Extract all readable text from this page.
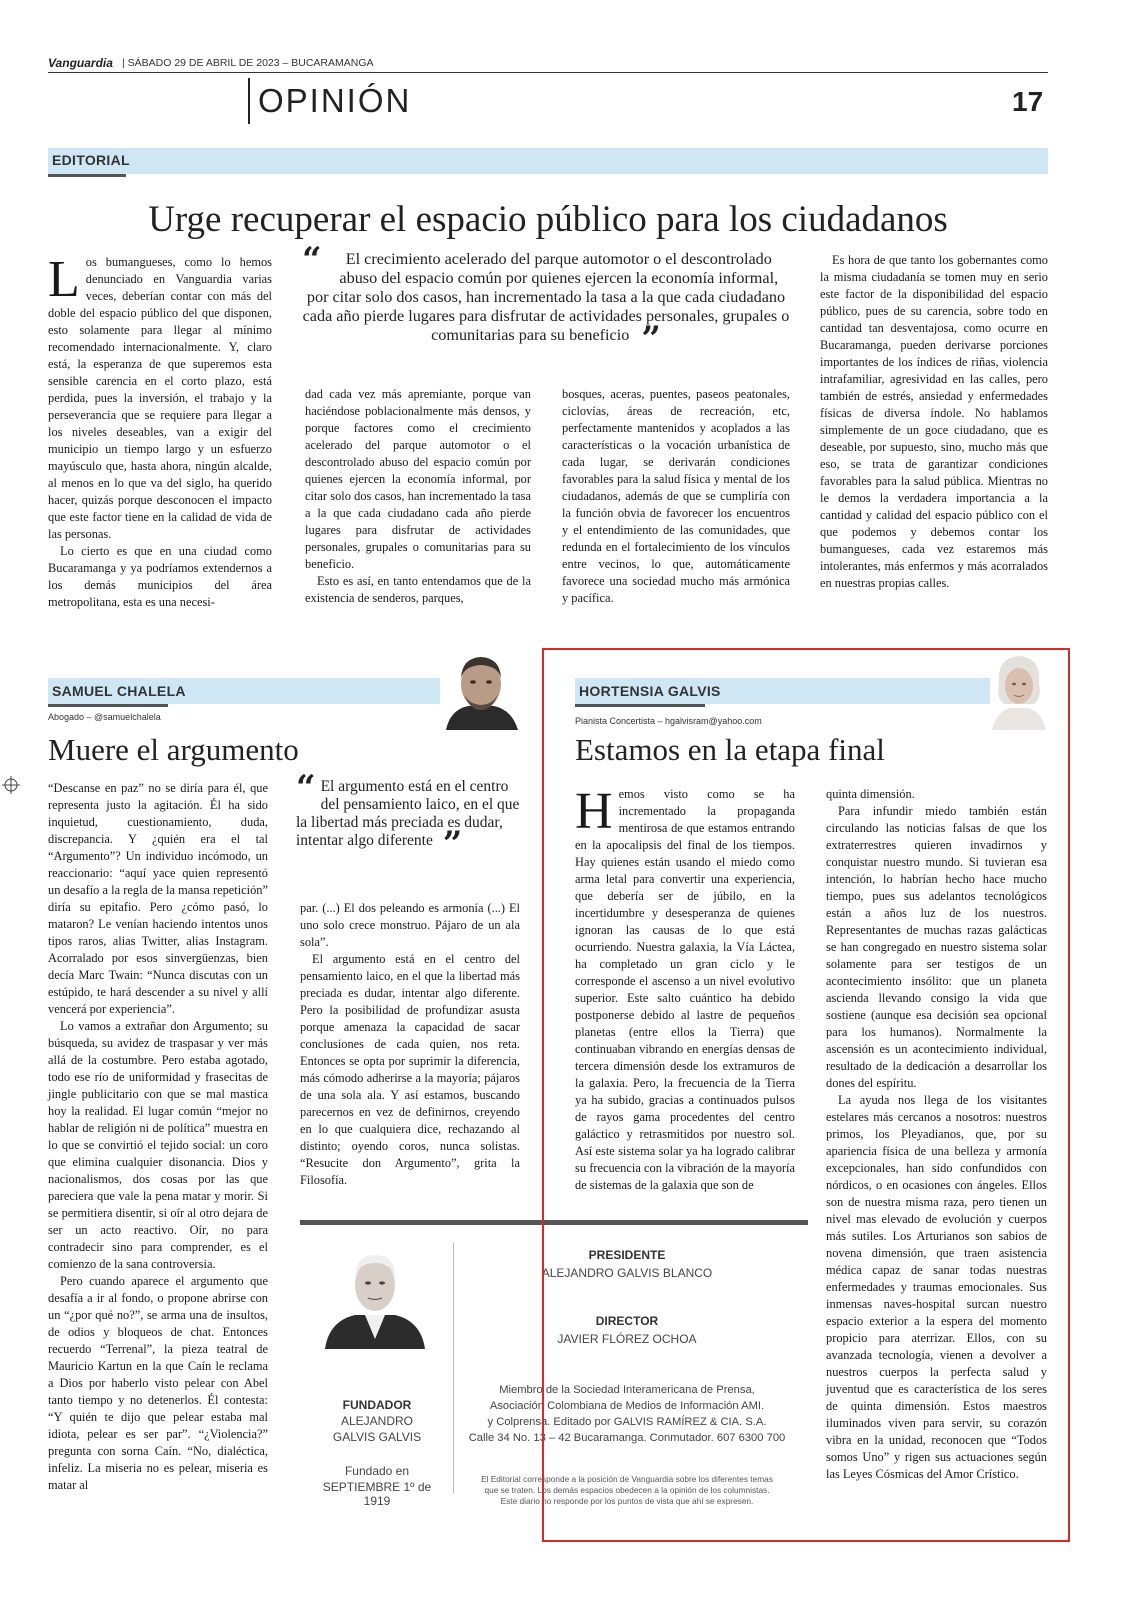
Vanguardia | SÁBADO 29 DE ABRIL DE 2023 – BUCARAMANGA
OPINIÓN	17
EDITORIAL
Urge recuperar el espacio público para los ciudadanos
L os bumangueses, como lo hemos denunciado en Vanguardia varias veces, deberían contar con más del doble del espacio público del que disponen, esto solamente para llegar al mínimo recomendado internacionalmente. Y, claro está, la esperanza de que superemos esta sensible carencia en el corto plazo, está perdida, pues la inversión, el trabajo y la perseverancia que se requiere para llegar a los niveles deseables, van a exigir del municipio un tiempo largo y un esfuerzo mayúsculo que, hasta ahora, ningún alcalde, al menos en lo que va del siglo, ha querido hacer, quizás porque desconocen el impacto que este factor tiene en la calidad de vida de las personas.

Lo cierto es que en una ciudad como Bucaramanga y ya podríamos extendernos a los demás municipios del área metropolitana, esta es una necesi-

“ El crecimiento acelerado del parque automotor o el descontrolado abuso del espacio común por quienes ejercen la economía informal, por citar solo dos casos, han incrementado la tasa a la que cada ciudadano cada año pierde lugares para disfrutar de actividades personales, grupales o comunitarias para su beneficio ”

dad cada vez más apremiante, porque van haciéndose poblacionalmente más densos, y porque factores como el crecimiento acelerado del parque automotor o el descontrolado abuso del espacio común por quienes ejercen la economía informal, por citar solo dos casos, han incrementado la tasa a la que cada ciudadano cada año pierde lugares para disfrutar de actividades personales, grupales o comunitarias para su beneficio.

Esto es así, en tanto entendamos que de la existencia de senderos, parques,

bosques, aceras, puentes, paseos peatonales, ciclovías, áreas de recreación, etc, perfectamente mantenidos y acoplados a las características o la vocación urbanística de cada lugar, se derivarán condiciones favorables para la salud física y mental de los ciudadanos, además de que se cumpliría con la función obvia de favorecer los encuentros y el entendimiento de las comunidades, que redunda en el fortalecimiento de los vínculos entre vecinos, lo que, automáticamente favorece una sociedad mucho más armónica y pacífica.

Es hora de que tanto los gobernantes como la misma ciudadanía se tomen muy en serio este factor de la disponibilidad del espacio público, pues de su carencia, sobre todo en cantidad tan desventajosa, como ocurre en Bucaramanga, pueden derivarse porciones importantes de los índices de riñas, violencia intrafamiliar, agresividad en las calles, pero también de estrés, ansiedad y enfermedades físicas de diversa índole. No hablamos simplemente de un goce ciudadano, que es deseable, por supuesto, sino, mucho más que eso, se trata de garantizar condiciones favorables para la salud pública. Mientras no le demos la verdadera importancia a la cantidad y calidad del espacio público con el que podemos y debemos contar los bumangueses, cada vez estaremos más intolerantes, más enfermos y más acorralados en nuestras propias calles.

SAMUEL CHALELA
Abogado – @samuelchalela
Muere el argumento

“Descanse en paz” no se diría para él, que representa justo la agitación. Él ha sido inquietud, cuestionamiento, duda, discrepancia. Y ¿quién era el tal “Argumento”? Un individuo incómodo, un reaccionario: “aquí yace quien representó un desafío a la regla de la mansa repetición” diría su epitafio. Pero ¿cómo pasó, lo mataron? Le venían haciendo intentos unos tipos raros, alias Twitter, alias Instagram. Acorralado por esos sinvergüenzas, bien decía Marc Twain: “Nunca discutas con un estúpido, te hará descender a su nivel y allí vencerá por experiencia”.

Lo vamos a extrañar don Argumento; su búsqueda, su avidez de traspasar y ver más allá de la costumbre. Pero estaba agotado, todo ese río de uniformidad y frasecitas de jingle publicitario con que se mal mastica hoy la realidad. El lugar común “mejor no hablar de religión ni de política” muestra en lo que se convirtió el tejido social: un coro que elimina cualquier disonancia. Dios y nacionalismos, dos cosas por las que pareciera que vale la pena matar y morir. Si se permitiera disentir, si oír al otro dejara de ser un acto reactivo. Oír, no para contradecir sino para comprender, es el comienzo de la sana controversia.

Pero cuando aparece el argumento que desafía a ir al fondo, o propone abrirse con un “¿por qué no?”, se arma una de insultos, de odios y bloqueos de chat. Entonces recuerdo “Terrenal”, la pieza teatral de Mauricio Kartun en la que Caín le reclama a Dios por haberlo visto pelear con Abel tanto tiempo y no detenerlos. Él contesta: “Y quién te dijo que pelear estaba mal idiota, pelear es ser par”. “¿Violencia?” pregunta con sorna Caín. “No, dialéctica, infeliz. La miseria no es pelear, miseria es matar al

“ El argumento está en el centro del pensamiento laico, en el que la libertad más preciada es dudar, intentar algo diferente ”

par. (...) El dos peleando es armonía (...) El uno solo crece monstruo. Pájaro de un ala sola”.

El argumento está en el centro del pensamiento laico, en el que la libertad más preciada es dudar, intentar algo diferente. Pero la posibilidad de profundizar asusta porque amenaza la capacidad de sacar conclusiones de cada quien, nos reta. Entonces se opta por suprimir la diferencia, más cómodo adherirse a la mayoría; pájaros de una sola ala. Y así estamos, buscando parecernos en vez de definirnos, creyendo en lo que cualquiera dice, rechazando al distinto; oyendo coros, nunca solistas. “Resucite don Argumento”, grita la Filosofía.

FUNDADOR
ALEJANDRO
GALVIS GALVIS
Fundado en
SEPTIEMBRE 1º de 1919
PRESIDENTE
ALEJANDRO GALVIS BLANCO
DIRECTOR
JAVIER FLÓREZ OCHOA
Miembro de la Sociedad Interamericana de Prensa,
Asociación Colombiana de Medios de Información AMI.
y Colprensa. Editado por GALVIS RAMÍREZ & CIA. S.A.
Calle 34 No. 13 – 42 Bucaramanga. Conmutador. 607 6300 700
El Editorial corresponde a la posición de Vanguardia sobre los diferentes temas
que se traten. Los demás espacios obedecen a la opinión de los columnistas.
Este diario no responde por los puntos de vista que ahí se expresen.
HORTENSIA GALVIS
Pianista Concertista – hgalvisram@yahoo.com
Estamos en la etapa final
H emos visto como se ha incrementado la propaganda mentirosa de que estamos entrando en la apocalipsis del final de los tiempos. Hay quienes están usando el miedo como arma letal para convertir una experiencia, que debería ser de júbilo, en la incertidumbre y desesperanza de quienes ignoran las causas de lo que está ocurriendo. Nuestra galaxia, la Vía Láctea, ha completado un gran ciclo y le corresponde el ascenso a un nivel evolutivo superior. Este salto cuántico ha debido postponerse debido al lastre de pequeños planetas (entre ellos la Tierra) que continuaban vibrando en energías densas de tercera dimensión desde los extramuros de la galaxia. Pero, la frecuencia de la Tierra ya ha subido, gracias a continuados pulsos de rayos gama procedentes del centro galáctico y retrasmitidos por nuestro sol. Así este sistema solar ya ha logrado calibrar su frecuencia con la vibración de la mayoría de sistemas de la galaxia que son de

quinta dimensión.

Para infundir miedo también están circulando las noticias falsas de que los extraterrestres quieren invadirnos y conquistar nuestro mundo. Si tuvieran esa intención, lo habrían hecho hace mucho tiempo, pues sus adelantos tecnológicos están a años luz de los nuestros. Representantes de muchas razas galácticas se han congregado en nuestro sistema solar solamente para ser testigos de un acontecimiento insólito: que un planeta ascienda llevando consigo la vida que sostiene (aunque esa decisión sea opcional para los humanos). Normalmente la ascensión es un acontecimiento individual, resultado de la dedicación a desarrollar los dones del espíritu.

La ayuda nos llega de los visitantes estelares más cercanos a nosotros: nuestros primos, los Pleyadianos, que, por su apariencia física de una belleza y armonía excepcionales, han sido confundidos con nórdicos, o en ocasiones con ángeles. Ellos son de nuestra misma raza, pero tienen un nivel mas elevado de evolución y cuerpos más sutiles. Los Arturianos son sabios de novena dimensión, que traen asistencia médica capaz de sanar todas nuestras enfermedades y traumas emocionales. Sus inmensas naves-hospital surcan nuestro espacio exterior a la espera del momento propicio para aterrizar. Ellos, con su avanzada tecnología, vienen a devolver a nuestros cuerpos la perfecta salud y juventud que es característica de los seres de quinta dimensión. Estos maestros iluminados viven para servir, su corazón vibra en la unidad, reconocen que “Todos somos Uno” y rigen sus actuaciones según las Leyes Cósmicas del Amor Crístico.
